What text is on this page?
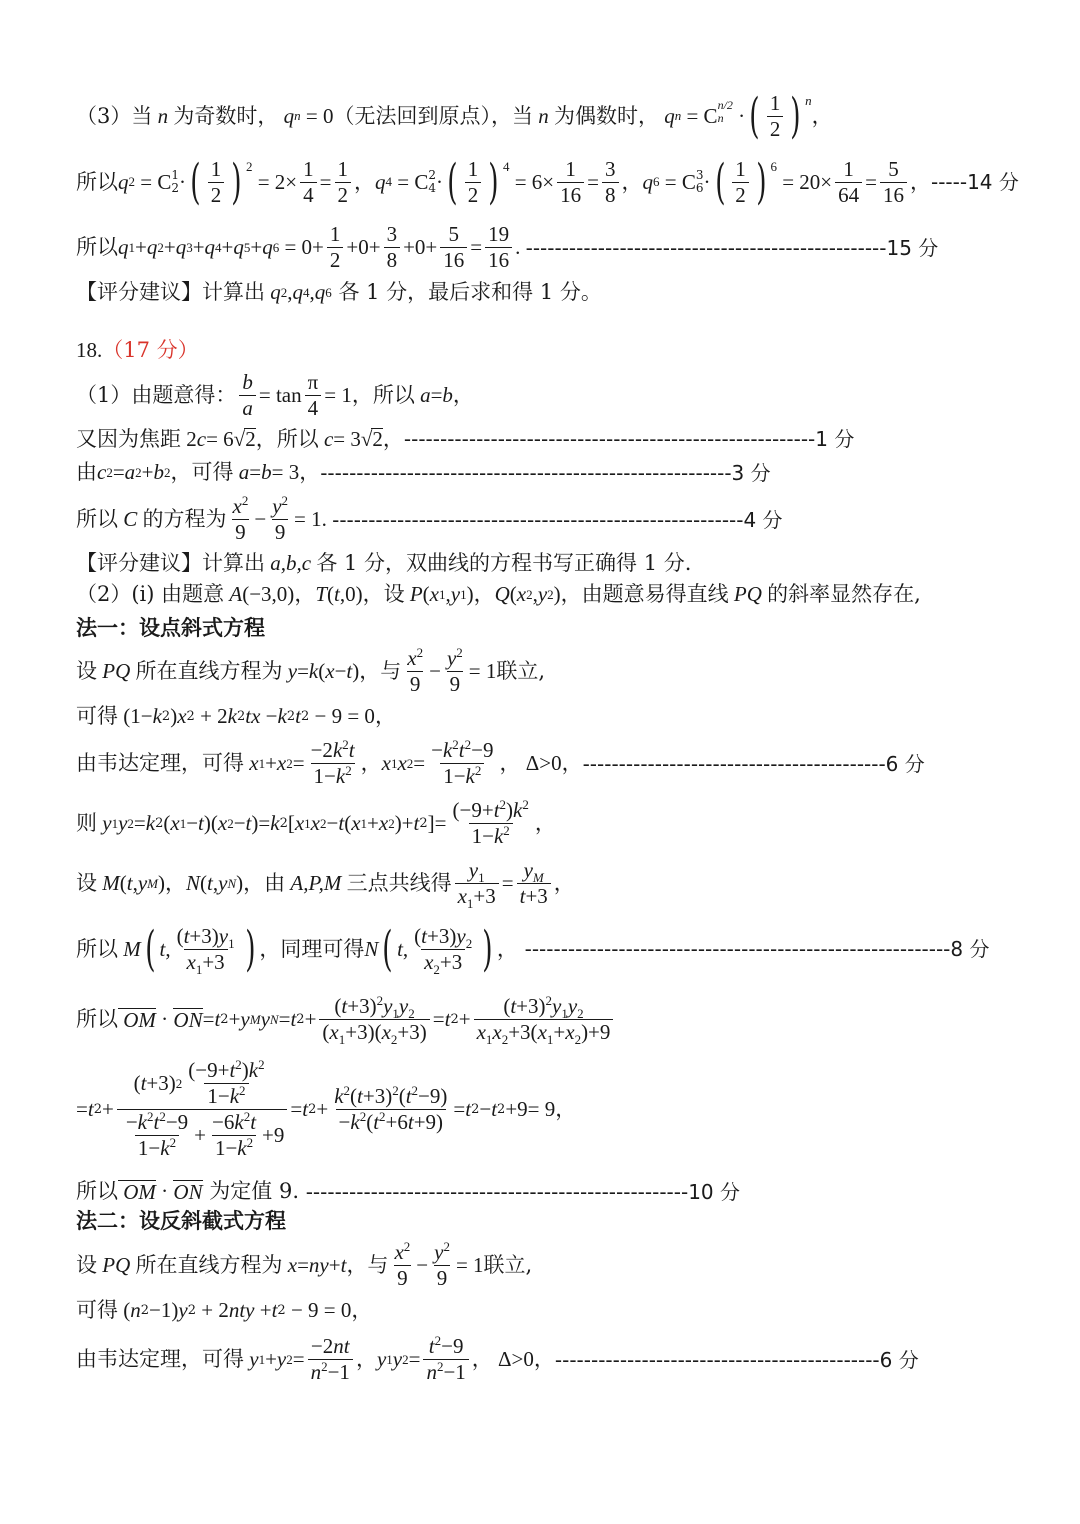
（3）当 n 为奇数时， q n = 0 （无法回到原点），当 n 为偶数时， q n = C n/2
n · ( $\frac{1}{2}$ ) n
，
所以 q 2 = C 1
2 · ( $\frac{1}{2}$ ) 2
= $2\times \frac{1}{4} = \frac{1}{2}$ ， q 4 = C 2
4 · ( $\frac{1}{2}$ ) 4
= $6\times \frac{1}{16} = \frac{3}{8}$ ， q 6 = C 3
6 · ( $\frac{1}{2}$ ) 6
= $20\times \frac{1}{64} = \frac{5}{16}$ ， -----14 分
所以 q 1 + q 2 + q 3 + q 4 + q 5 + q $6 = 0+ \frac{1}{2} +0+ \frac{3}{8} +0+ \frac{5}{16} = \frac{19}{16}$ . --------------------------------------------------15 分
【评分建议】计算出 q 2 , q 4 , q 6
各 1 分，最后求和得 1 分。
18. （17 分）
（1）由题意得： $\frac{b}{a} = \tan \frac{\pi}{4} = 1$ ，所以 a = b ，
又因为焦距 2 c = 6√ 2 ，所以 c = 3√ 2 ， ---------------------------------------------------------1 分
由 c 2 = a 2 + b 2 ，可得 a = b = 3 ， ---------------------------------------------------------3 分
所以 C 的方程为 $\frac{x^2}{9} - \frac{y^2}{9} = 1$. ---------------------------------------------------------4 分
【评分建议】计算出 a,b,c 各 1 分，双曲线的方程书写正确得 1 分.
（2）(ⅰ) 由题意 A (−3,0) ， T ( t ,0) ，设 P ( x 1 , y 1 ) ， Q ( x 2 , y 2 ) ，由题意易得直线 PQ 的斜率显然存在,
法一：设点斜式方程
设 PQ 所在直线方程为 y = k ( x − t ) ，与 $\frac{x^2}{9} - \frac{y^2}{9} = 1$ 联立,
可得 (1− k 2 ) x 2 + 2 k 2 tx − k 2 t 2 − 9 = 0 ，
由韦达定理，可得 x 1 + x $2 = \frac{-2k^2t}{1-k^2}$ ， x 1 x $2 = \frac{-k^2t^2-9}{1-k^2}$ ， Δ>0 ， ------------------------------------------6 分
则 y 1 y 2 = k 2 ( x 1 − t )( x 2 − t )= k 2 [ x 1 x 2 − t ( x 1 + x 2 )+ t 2 ]= $\frac{(-9+t^2)k^2}{1-k^2}$ ，
设 M ( t , y M ) ， N ( t , y N ) ，由 A,P,M 三点共线得 $\frac{y_1}{x_1+3} = \frac{y_M}{t+3}$ ，
所以 M ( t , $\frac{(t+3)y_1}{x_1+3}$ ) ，同理可得 N ( t , $\frac{(t+3)y_2}{x_2+3}$ ) ， -----------------------------------------------------------8 分
所以 OM · ON = t 2 + y M y N = t $2 + \frac{(t+3)^2y_1y_2}{(x_1+3)(x_2+3)} = t$ $2 + \frac{(t+3)^2y_1y_2}{x_1x_2+3(x_1+x_2)+9}$
= t $2 + \frac{( t +3) 2 \frac{(-9+t^2)k^2}{1-k^2}}{\frac{-k^2t^2-9}{1-k^2} + \frac{-6k^2t}{1-k^2} +9} = t$ $2 + \frac{k^2(t+3)^2(t^2-9)}{-k^2(t^2+6t+9)} = t$ 2 − t 2 +9= 9 ，
所以 OM · ON
为定值 9.
-----------------------------------------------------10 分
法二：设反斜截式方程
设 PQ 所在直线方程为 x = ny + t ，与 $\frac{x^2}{9} - \frac{y^2}{9} = 1$ 联立,
可得 ( n 2 −1) y 2 + 2 nty + t 2 − 9 = 0 ，
由韦达定理，可得 y 1 + y $2 = \frac{-2nt}{n^2-1}$ ， y 1 y $2 = \frac{t^2-9}{n^2-1}$ ， Δ>0 ， ---------------------------------------------6 分
